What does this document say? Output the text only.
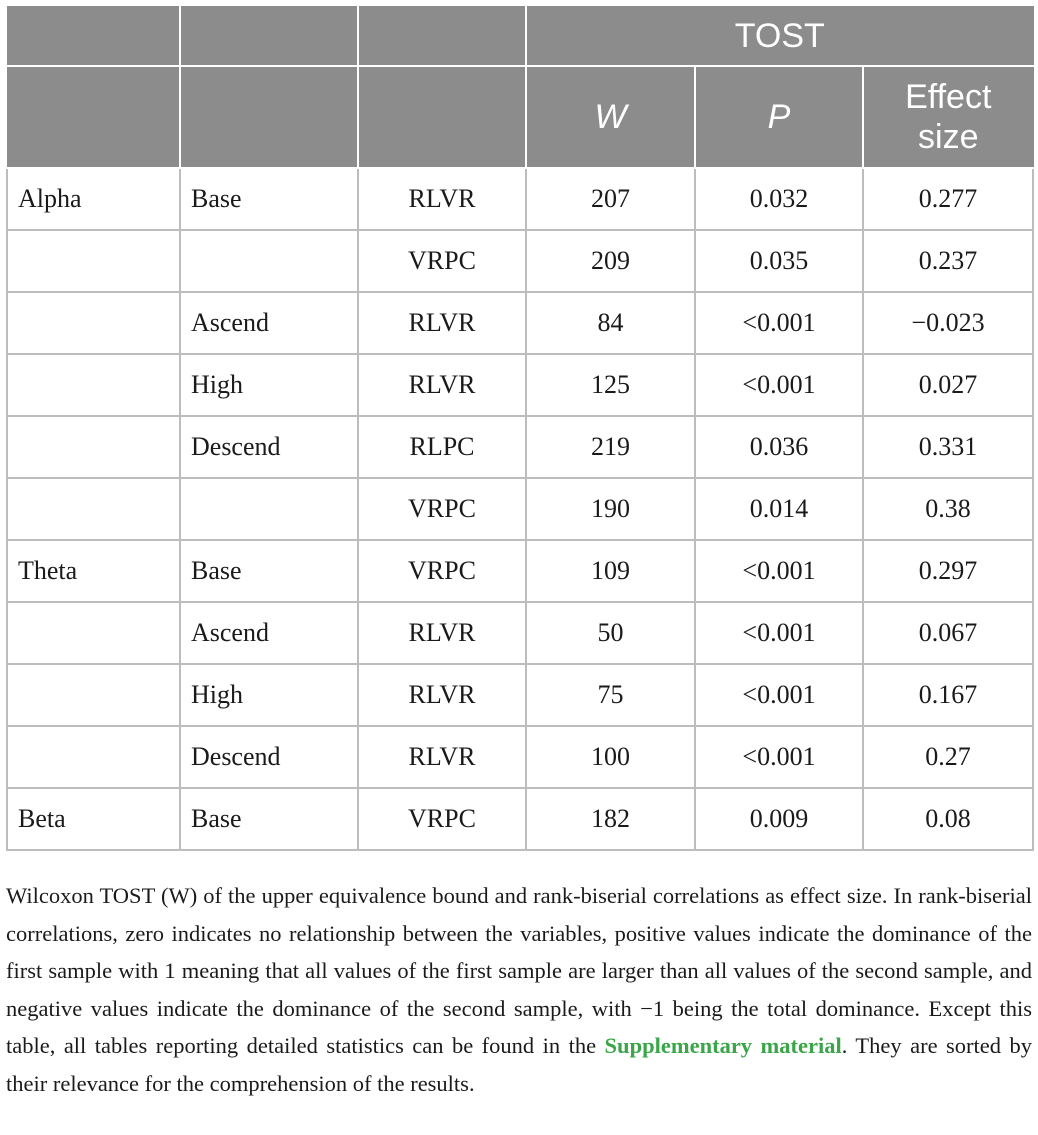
			TOST		
			W	P	Effect
size
Alpha	Base	RLVR	207	0.032	0.277
		VRPC	209	0.035	0.237
	Ascend	RLVR	84	<0.001	−0.023
	High	RLVR	125	<0.001	0.027
	Descend	RLPC	219	0.036	0.331
		VRPC	190	0.014	0.38
Theta	Base	VRPC	109	<0.001	0.297
	Ascend	RLVR	50	<0.001	0.067
	High	RLVR	75	<0.001	0.167
	Descend	RLVR	100	<0.001	0.27
Beta	Base	VRPC	182	0.009	0.08
Wilcoxon TOST (W) of the upper equivalence bound and rank-biserial correlations as effect size. In rank-biserial correlations, zero indicates no relationship between the variables, positive values indicate the dominance of the first sample with 1 meaning that all values of the first sample are larger than all values of the second sample, and negative values indicate the dominance of the second sample, with −1 being the total dominance. Except this table, all tables reporting detailed statistics can be found in the Supplementary material. They are sorted by their relevance for the comprehension of the results.
